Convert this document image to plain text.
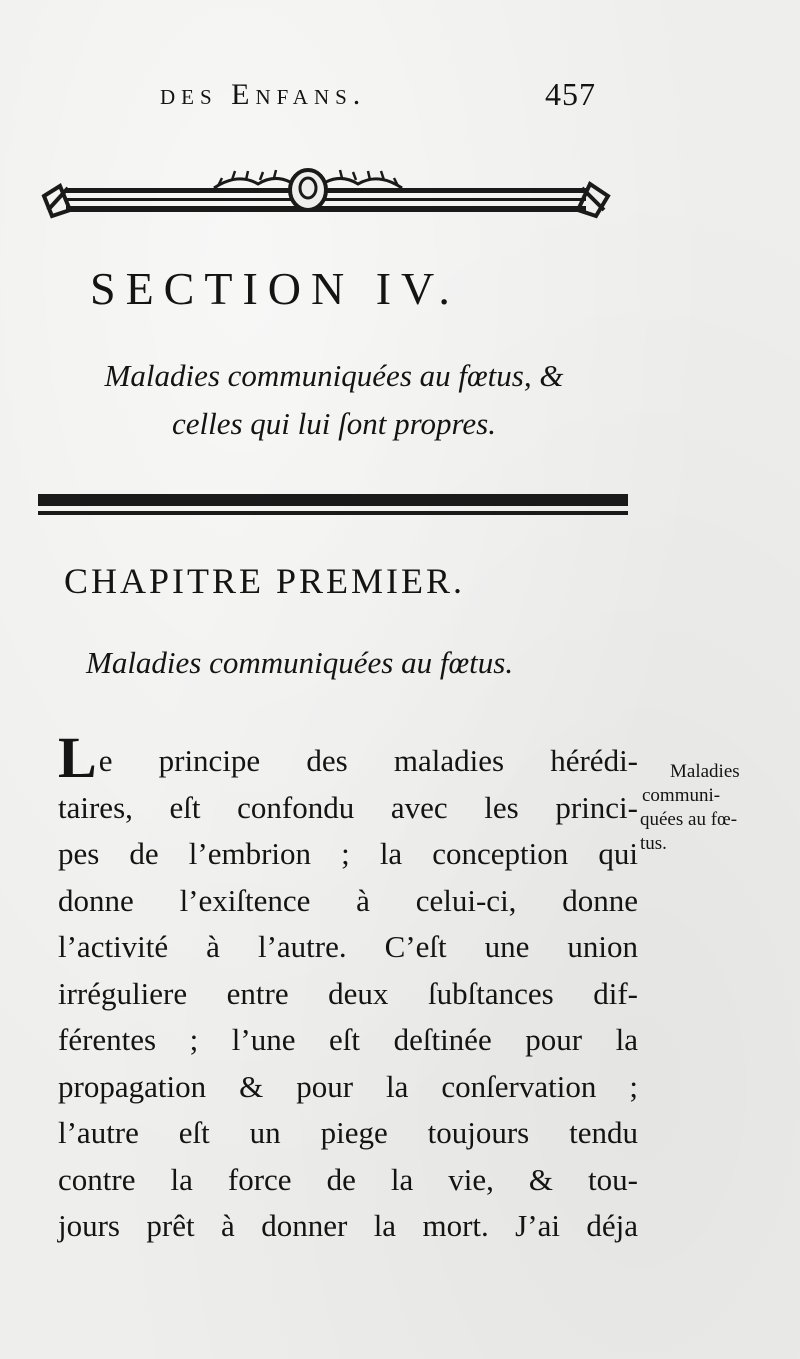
des Enfans.	457
SECTION IV.
Maladies communiquées au fœtus, &
celles qui lui ſont propres.
CHAPITRE PREMIER.
Maladies communiquées au fœtus.
Le principe des maladies hérédi-
taires, eſt confondu avec les princi-
pes de l’embrion ; la conception qui
donne l’exiſtence à celui-ci, donne
l’activité à l’autre. C’eſt une union
irréguliere entre deux ſubſtances dif-
férentes ; l’une eſt deſtinée pour la
propagation & pour la conſervation ;
l’autre eſt un piege toujours tendu
contre la force de la vie, & tou-
jours prêt à donner la mort. J’ai déja
Maladies
communi-
quées au fœ-
tus.
